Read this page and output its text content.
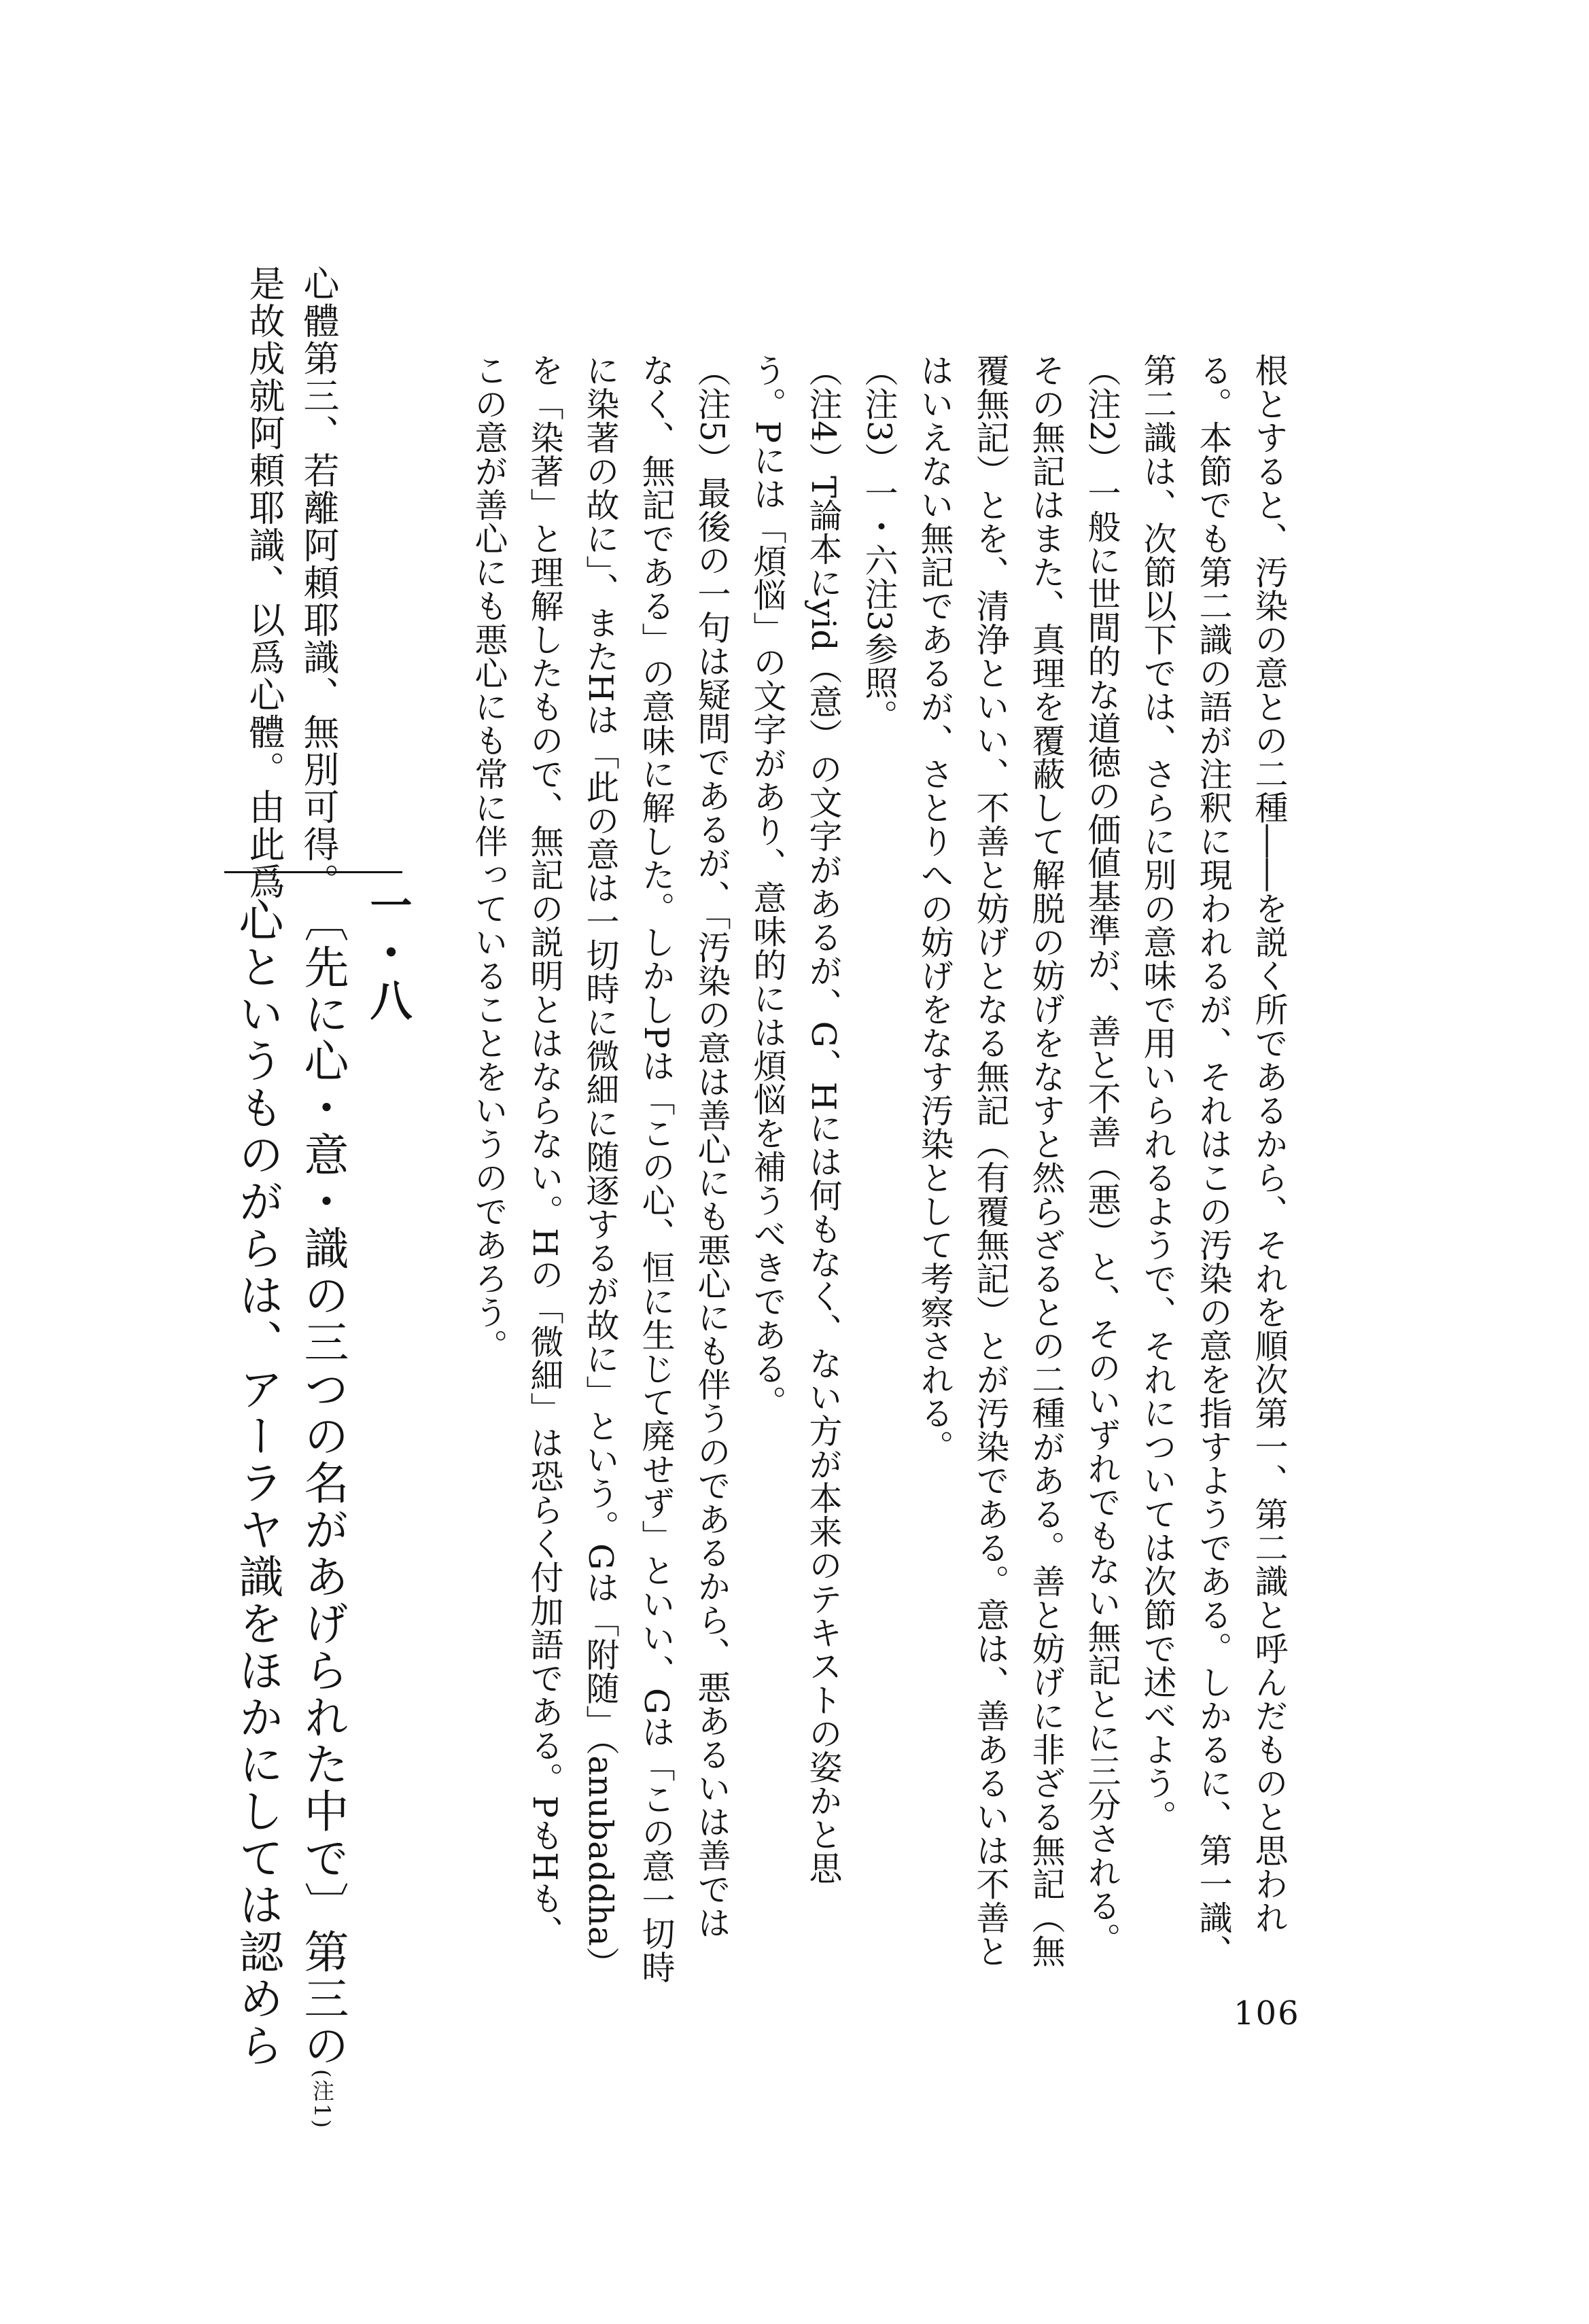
根とすると、汚染の意との二種――を説く所であるから、それを順次第一、第二識と呼んだものと思われ
る。本節でも第二識の語が注釈に現われるが、それはこの汚染の意を指すようである。しかるに、第一識、
第二識は、次節以下では、さらに別の意味で用いられるようで、それについては次節で述べよう。
（注2）一般に世間的な道徳の価値基準が、善と不善（悪）と、そのいずれでもない無記とに三分される。
その無記はまた、真理を覆蔽して解脱の妨げをなすと然らざるとの二種がある。善と妨げに非ざる無記（無
覆無記）とを、清浄といい、不善と妨げとなる無記（有覆無記）とが汚染である。意は、善あるいは不善と
はいえない無記であるが、さとりへの妨げをなす汚染として考察される。
（注3）一・六注3参照。
（注4）T論本にyid（意）の文字があるが、G、Hには何もなく、ない方が本来のテキストの姿かと思
う。Pには「煩悩」の文字があり、意味的には煩悩を補うべきである。
（注5）最後の一句は疑問であるが、「汚染の意は善心にも悪心にも伴うのであるから、悪あるいは善では
なく、無記である」の意味に解した。しかしPは「この心、恒に生じて廃せず」といい、Gは「この意一切時
に染著の故に」、またHは「此の意は一切時に微細に随逐するが故に」という。Gは「附随」（anubaddha）
を「染著」と理解したもので、無記の説明とはならない。Hの「微細」は恐らく付加語である。PもHも、
この意が善心にも悪心にも常に伴っていることをいうのであろう。
心體第三、若離阿頼耶識、無別可得。
是故成就阿頼耶識、以爲心體。由此爲
一・八
〔先に心・意・識の三つの名があげられた中で〕第三の(注1)
心というものがらは、アーラヤ識をほかにしては認めら	106
